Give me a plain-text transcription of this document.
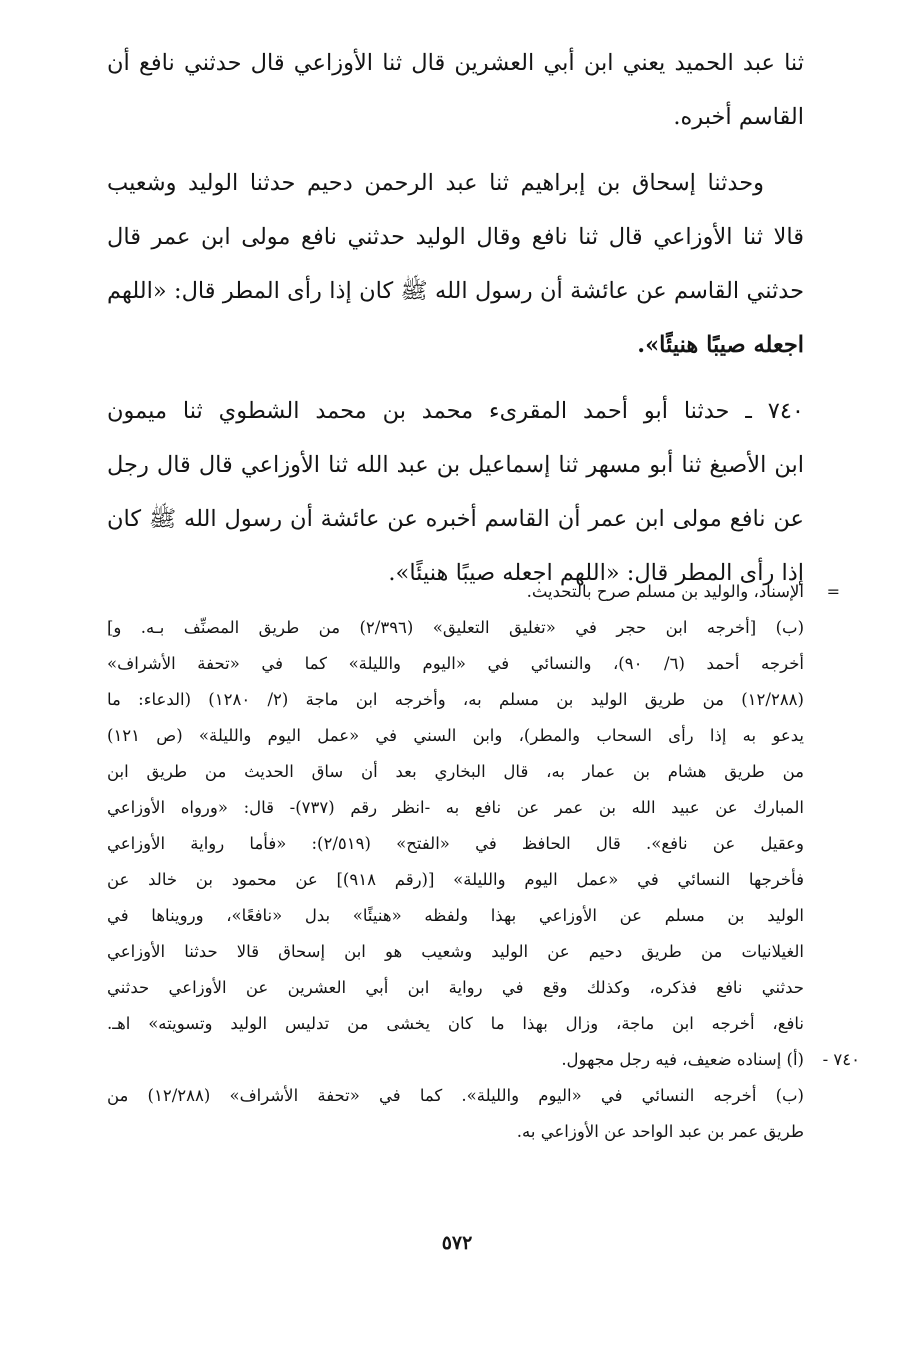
ثنا عبد الحميد يعني ابن أبي العشرين قال ثنا الأوزاعي قال حدثني نافع أن
القاسم أخبره.
وحدثنا إسحاق بن إبراهيم ثنا عبد الرحمن دحيم حدثنا الوليد وشعيب
قالا ثنا الأوزاعي قال ثنا نافع وقال الوليد حدثني نافع مولى ابن عمر قال
حدثني القاسم عن عائشة أن رسول الله ﷺ كان إذا رأى المطر قال: «اللهم
اجعله صيبًا هنيئًا».
٧٤٠ ـ حدثنا أبو أحمد المقرىء محمد بن محمد الشطوي ثنا ميمون
ابن الأصبغ ثنا أبو مسهر ثنا إسماعيل بن عبد الله ثنا الأوزاعي قال قال رجل
عن نافع مولى ابن عمر أن القاسم أخبره عن عائشة أن رسول الله ﷺ كان
إذا رأى المطر قال: «اللهم اجعله صيبًا هنيئًا».
=
الإسناد، والوليد بن مسلم صرح بالتحديث.
(ب) [أخرجه ابن حجر في «تغليق التعليق» (٢/٣٩٦) من طريق المصنِّف بـه. و]
أخرجه أحمد (٦/ ٩٠)، والنسائي في «اليوم والليلة» كما في «تحفة الأشراف»
(١٢/٢٨٨) من طريق الوليد بن مسلم به، وأخرجه ابن ماجة (٢/ ١٢٨٠) (الدعاء: ما
يدعو به إذا رأى السحاب والمطر)، وابن السني في «عمل اليوم والليلة» (ص ١٢١)
من طريق هشام بن عمار به، قال البخاري بعد أن ساق الحديث من طريق ابن
المبارك عن عبيد الله بن عمر عن نافع به -انظر رقم (٧٣٧)- قال: «ورواه الأوزاعي
وعقيل عن نافع». قال الحافظ في «الفتح» (٢/٥١٩): «فأما رواية الأوزاعي
فأخرجها النسائي في «عمل اليوم والليلة» [(رقم ٩١٨)] عن محمود بن خالد عن
الوليد بن مسلم عن الأوزاعي بهذا ولفظه «هنيئًا» بدل «نافعًا»، ورويناها في
الغيلانيات من طريق دحيم عن الوليد وشعيب هو ابن إسحاق قالا حدثنا الأوزاعي
حدثني نافع فذكره، وكذلك وقع في رواية ابن أبي العشرين عن الأوزاعي حدثني
نافع، أخرجه ابن ماجة، وزال بهذا ما كان يخشى من تدليس الوليد وتسويته» اهـ.
٧٤٠ -
(أ) إسناده ضعيف، فيه رجل مجهول.
(ب) أخرجه النسائي في «اليوم والليلة». كما في «تحفة الأشراف» (١٢/٢٨٨) من
طريق عمر بن عبد الواحد عن الأوزاعي به.
٥٧٢
